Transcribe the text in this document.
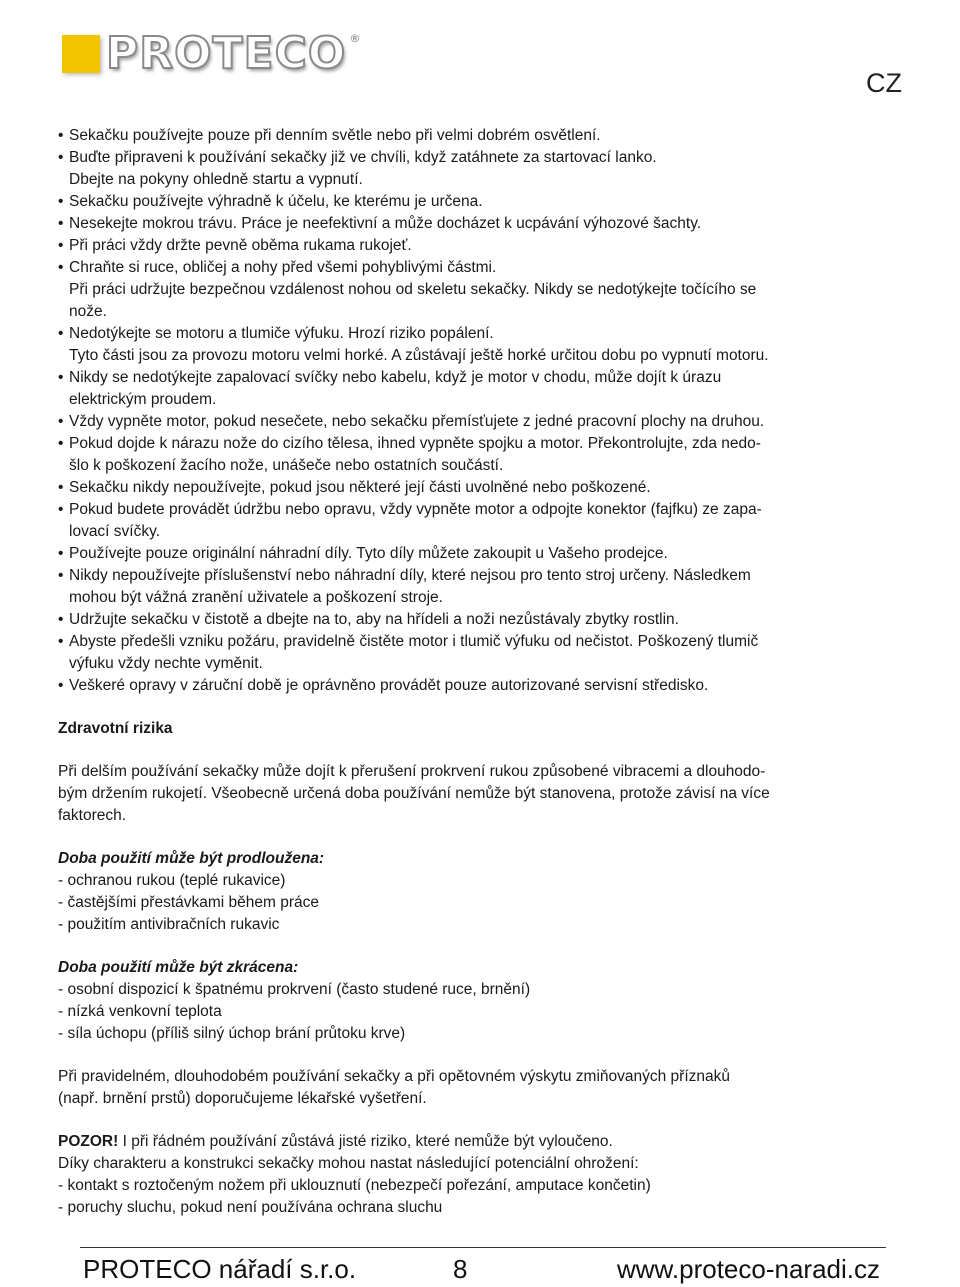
PROTECO ®
CZ
• Sekačku používejte pouze při denním světle nebo při velmi dobrém osvětlení.
• Buďte připraveni k používání sekačky již ve chvíli, když zatáhnete za startovací lanko.
Dbejte na pokyny ohledně startu a vypnutí.
• Sekačku používejte výhradně k účelu, ke kterému je určena.
• Nesekejte mokrou trávu. Práce je neefektivní a může docházet k ucpávání výhozové šachty.
• Při práci vždy držte pevně oběma rukama rukojeť.
• Chraňte si ruce, obličej a nohy před všemi pohyblivými částmi.
Při práci udržujte bezpečnou vzdálenost nohou od skeletu sekačky. Nikdy se nedotýkejte točícího se
nože.
• Nedotýkejte se motoru a tlumiče výfuku. Hrozí riziko popálení.
Tyto části jsou za provozu motoru velmi horké. A zůstávají ještě horké určitou dobu po vypnutí motoru.
• Nikdy se nedotýkejte zapalovací svíčky nebo kabelu, když je motor v chodu, může dojít k úrazu
elektrickým proudem.
• Vždy vypněte motor, pokud nesečete, nebo sekačku přemísťujete z jedné pracovní plochy na druhou.
• Pokud dojde k nárazu nože do cizího tělesa, ihned vypněte spojku a motor. Překontrolujte, zda nedo-
šlo k poškození žacího nože, unášeče nebo ostatních součástí.
• Sekačku nikdy nepoužívejte, pokud jsou některé její části uvolněné nebo poškozené.
• Pokud budete provádět údržbu nebo opravu, vždy vypněte motor a odpojte konektor (fajfku) ze zapa-
lovací svíčky.
• Používejte pouze originální náhradní díly. Tyto díly můžete zakoupit u Vašeho prodejce.
• Nikdy nepoužívejte příslušenství nebo náhradní díly, které nejsou pro tento stroj určeny. Následkem
mohou být vážná zranění uživatele a poškození stroje.
• Udržujte sekačku v čistotě a dbejte na to, aby na hřídeli a noži nezůstávaly zbytky rostlin.
• Abyste předešli vzniku požáru, pravidelně čistěte motor i tlumič výfuku od nečistot. Poškozený tlumič
výfuku vždy nechte vyměnit.
• Veškeré opravy v záruční době je oprávněno provádět pouze autorizované servisní středisko.
Zdravotní rizika
Při delším používání sekačky může dojít k přerušení prokrvení rukou způsobené vibracemi a dlouhodo-
bým držením rukojetí. Všeobecně určená doba používání nemůže být stanovena, protože závisí na více
faktorech.
Doba použití může být prodloužena:
- ochranou rukou (teplé rukavice)
- častějšími přestávkami během práce
- použitím antivibračních rukavic
Doba použití může být zkrácena:
- osobní dispozicí k špatnému prokrvení (často studené ruce, brnění)
- nízká venkovní teplota
- síla úchopu (příliš silný úchop brání průtoku krve)
Při pravidelném, dlouhodobém používání sekačky a při opětovném výskytu zmiňovaných příznaků
(např. brnění prstů) doporučujeme lékařské vyšetření.
POZOR! I při řádném používání zůstává jisté riziko, které nemůže být vyloučeno.
Díky charakteru a konstrukci sekačky mohou nastat následující potenciální ohrožení:
- kontakt s roztočeným nožem při uklouznutí (nebezpečí pořezání, amputace končetin)
- poruchy sluchu, pokud není používána ochrana sluchu
PROTECO nářadí s.r.o.	8	www.proteco-naradi.cz
